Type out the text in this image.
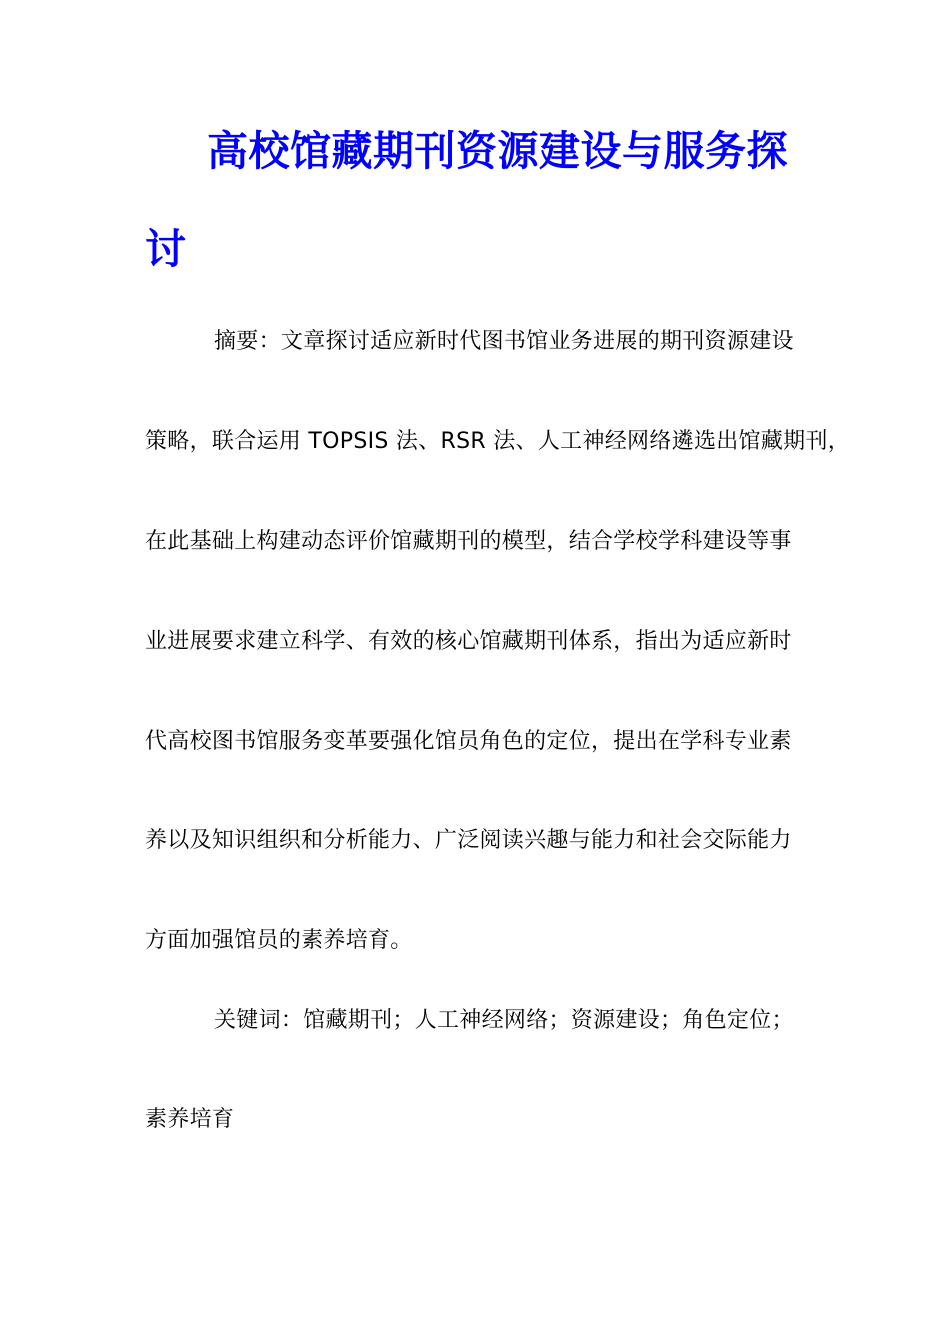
高校馆藏期刊资源建设与服务探
讨

摘要：文章探讨适应新时代图书馆业务进展的期刊资源建设

策略，联合运用 TOPSIS 法、RSR 法、人工神经网络遴选出馆藏期刊，

在此基础上构建动态评价馆藏期刊的模型，结合学校学科建设等事

业进展要求建立科学、有效的核心馆藏期刊体系，指出为适应新时

代高校图书馆服务变革要强化馆员角色的定位，提出在学科专业素

养以及知识组织和分析能力、广泛阅读兴趣与能力和社会交际能力

方面加强馆员的素养培育。

关键词：馆藏期刊；人工神经网络；资源建设；角色定位；

素养培育
